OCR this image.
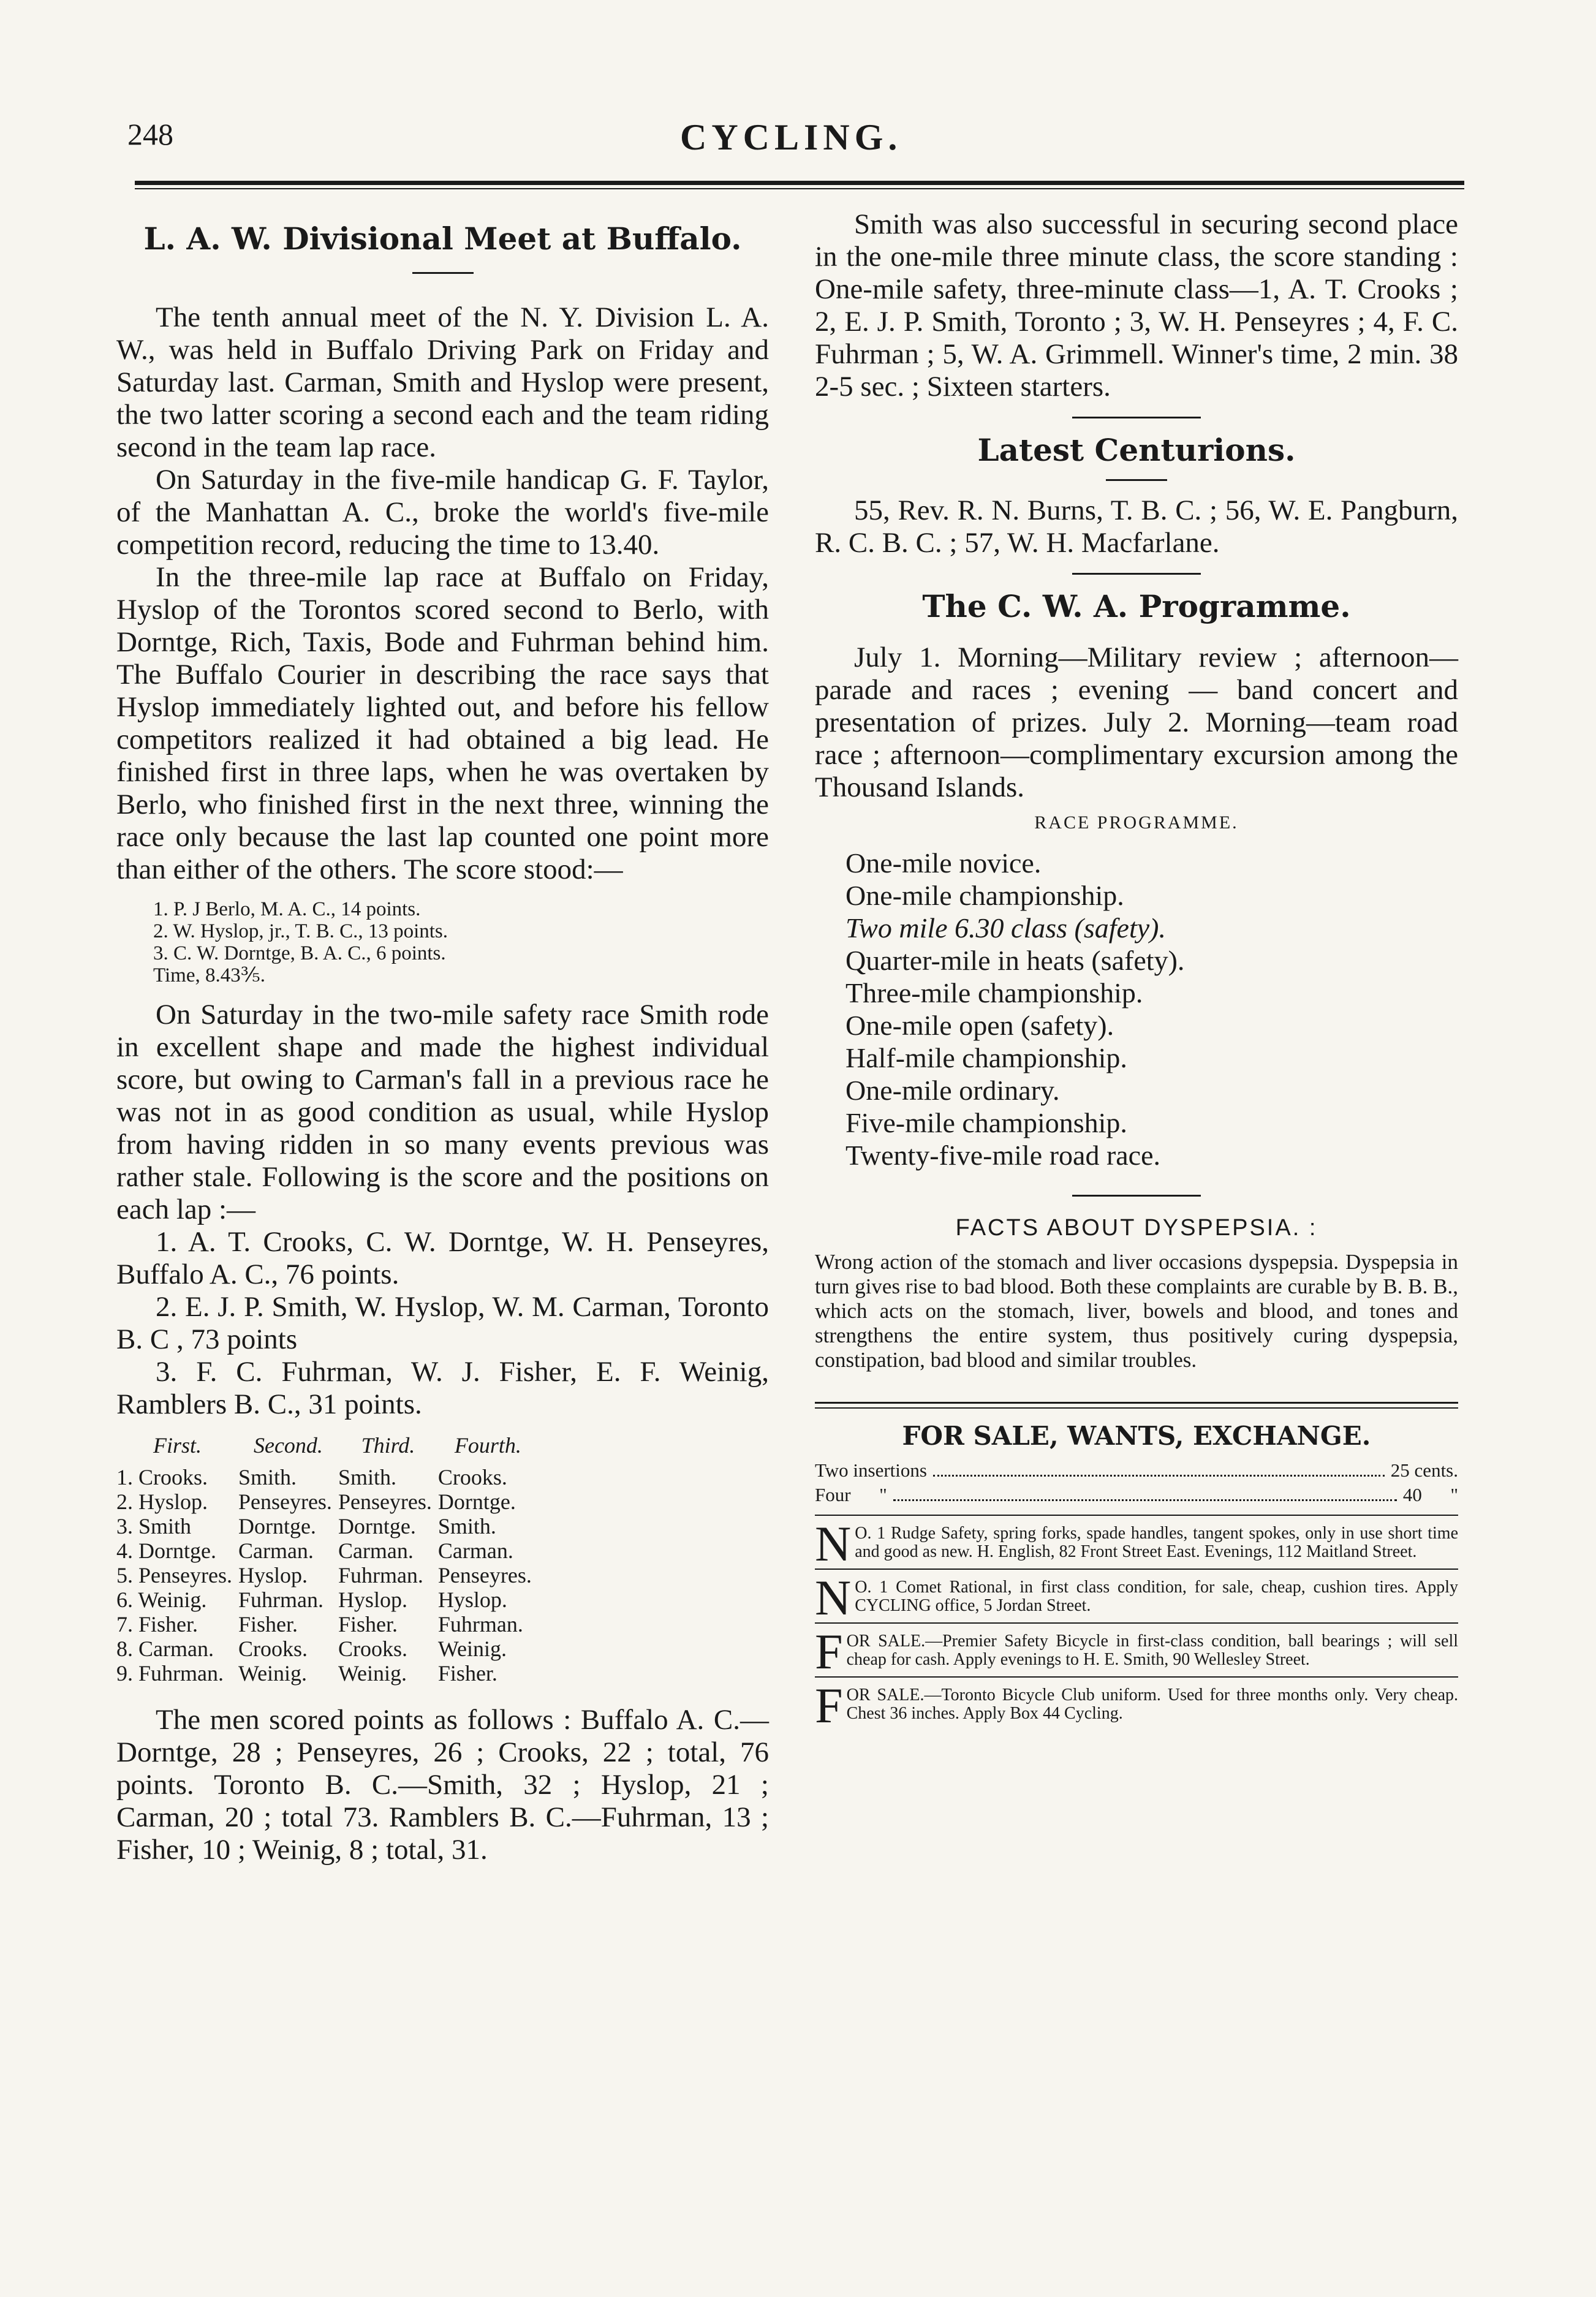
248	CYCLING.
L. A. W. Divisional Meet at Buffalo.

The tenth annual meet of the N. Y. Division L. A. W., was held in Buffalo Driving Park on Friday and Saturday last. Carman, Smith and Hyslop were present, the two latter scoring a second each and the team riding second in the team lap race.

On Saturday in the five-mile handicap G. F. Taylor, of the Manhattan A. C., broke the world's five-mile competition record, reducing the time to 13.40.

In the three-mile lap race at Buffalo on Friday, Hyslop of the Torontos scored second to Berlo, with Dorntge, Rich, Taxis, Bode and Fuhrman behind him. The Buffalo Courier in describing the race says that Hyslop immediately lighted out, and before his fellow competitors realized it had obtained a big lead. He finished first in three laps, when he was overtaken by Berlo, who finished first in the next three, winning the race only because the last lap counted one point more than either of the others. The score stood:—

1. P. J Berlo, M. A. C., 14 points.
2. W. Hyslop, jr., T. B. C., 13 points.
3. C. W. Dorntge, B. A. C., 6 points.
Time, 8.43⅗.

On Saturday in the two-mile safety race Smith rode in excellent shape and made the highest individual score, but owing to Carman's fall in a previous race he was not in as good condition as usual, while Hyslop from having ridden in so many events previous was rather stale. Following is the score and the positions on each lap :—

1. A. T. Crooks, C. W. Dorntge, W. H. Penseyres, Buffalo A. C., 76 points.

2. E. J. P. Smith, W. Hyslop, W. M. Carman, Toronto B. C , 73 points

3. F. C. Fuhrman, W. J. Fisher, E. F. Weinig, Ramblers B. C., 31 points.

First.	Second.	Third.	Fourth.
1. Crooks.	Smith.	Smith.	Crooks.
2. Hyslop.	Penseyres.	Penseyres.	Dorntge.
3. Smith	Dorntge.	Dorntge.	Smith.
4. Dorntge.	Carman.	Carman.	Carman.
5. Penseyres.	Hyslop.	Fuhrman.	Penseyres.
6. Weinig.	Fuhrman.	Hyslop.	Hyslop.
7. Fisher.	Fisher.	Fisher.	Fuhrman.
8. Carman.	Crooks.	Crooks.	Weinig.
9. Fuhrman.	Weinig.	Weinig.	Fisher.

The men scored points as follows : Buffalo A. C.—Dorntge, 28 ; Penseyres, 26 ; Crooks, 22 ; total, 76 points. Toronto B. C.—Smith, 32 ; Hyslop, 21 ; Carman, 20 ; total 73. Ramblers B. C.—Fuhrman, 13 ; Fisher, 10 ; Weinig, 8 ; total, 31.

Smith was also successful in securing second place in the one-mile three minute class, the score standing : One-mile safety, three-minute class—1, A. T. Crooks ; 2, E. J. P. Smith, Toronto ; 3, W. H. Penseyres ; 4, F. C. Fuhrman ; 5, W. A. Grimmell. Winner's time, 2 min. 38 2-5 sec. ; Sixteen starters.

Latest Centurions.

55, Rev. R. N. Burns, T. B. C. ; 56, W. E. Pangburn, R. C. B. C. ; 57, W. H. Macfarlane.

The C. W. A. Programme.

July 1. Morning—Military review ; afternoon—parade and races ; evening — band concert and presentation of prizes. July 2. Morning—team road race ; afternoon—complimentary excursion among the Thousand Islands.

RACE PROGRAMME.
One-mile novice.
One-mile championship.
Two mile 6.30 class (safety).
Quarter-mile in heats (safety).
Three-mile championship.
One-mile open (safety).
Half-mile championship.
One-mile ordinary.
Five-mile championship.
Twenty-five-mile road race.
FACTS ABOUT DYSPEPSIA. :

Wrong action of the stomach and liver occasions dyspepsia. Dyspepsia in turn gives rise to bad blood. Both these complaints are curable by B. B. B., which acts on the stomach, liver, bowels and blood, and tones and strengthens the entire system, thus positively curing dyspepsia, constipation, bad blood and similar troubles.

FOR SALE, WANTS, EXCHANGE.
Two insertions	25 cents.
Four      "	40      "
N O. 1 Rudge Safety, spring forks, spade handles, tangent spokes, only in use short time and good as new. H. English, 82 Front Street East. Evenings, 112 Maitland Street.
N O. 1 Comet Rational, in first class condition, for sale, cheap, cushion tires. Apply CYCLING office, 5 Jordan Street.
FOR SALE.—Premier Safety Bicycle in first-class condition, ball bearings ; will sell cheap for cash. Apply evenings to H. E. Smith, 90 Wellesley Street.
FOR SALE.—Toronto Bicycle Club uniform. Used for three months only. Very cheap. Chest 36 inches. Apply Box 44 Cycling.
